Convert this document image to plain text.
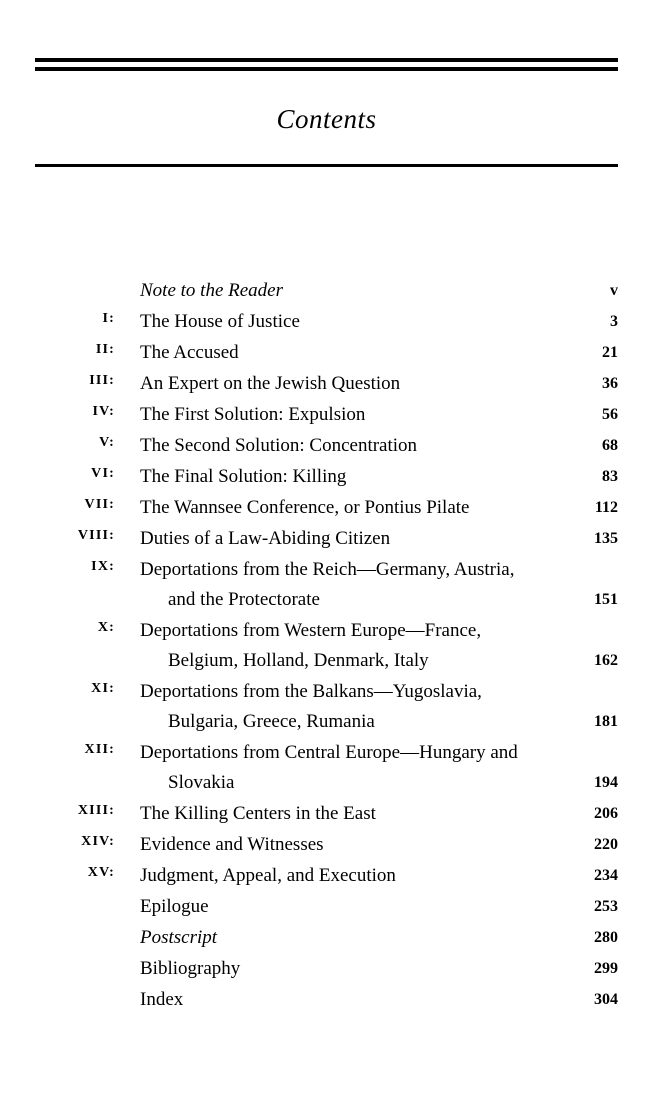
Contents
Note to the Reader	v
I:	The House of Justice	3
II:	The Accused	21
III:	An Expert on the Jewish Question	36
IV:	The First Solution: Expulsion	56
V:	The Second Solution: Concentration	68
VI:	The Final Solution: Killing	83
VII:	The Wannsee Conference, or Pontius Pilate	112
VIII:	Duties of a Law-Abiding Citizen	135
IX:	Deportations from the Reich—Germany, Austria,
and the Protectorate	151
X:	Deportations from Western Europe—France,
Belgium, Holland, Denmark, Italy	162
XI:	Deportations from the Balkans—Yugoslavia,
Bulgaria, Greece, Rumania	181
XII:	Deportations from Central Europe—Hungary and
Slovakia	194
XIII:	The Killing Centers in the East	206
XIV:	Evidence and Witnesses	220
XV:	Judgment, Appeal, and Execution	234
Epilogue	253
Postscript	280
Bibliography	299
Index	304
